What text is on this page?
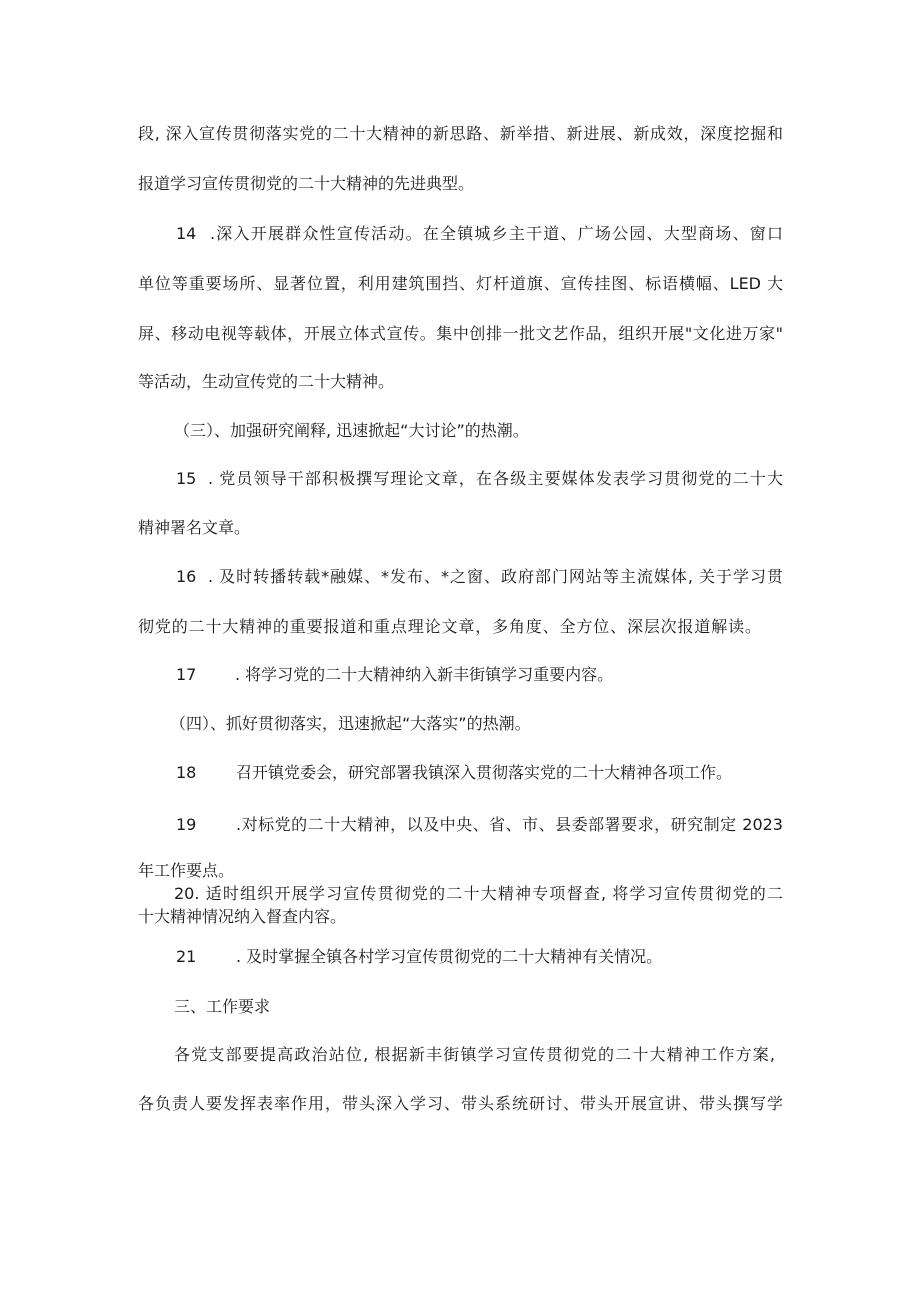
段, 深入宣传贯彻落实党的二十大精神的新思路、新举措、新进展、新成效，深度挖掘和
报道学习宣传贯彻党的二十大精神的先进典型。
14 .深入开展群众性宣传活动。在全镇城乡主干道、广场公园、大型商场、窗口
单位等重要场所、显著位置，利用建筑围挡、灯杆道旗、宣传挂图、标语横幅、LED 大
屏、移动电视等载体，开展立体式宣传。集中创排一批文艺作品，组织开展"文化进万家"
等活动，生动宣传党的二十大精神。
（三）、加强研究阐释, 迅速掀起“大讨论”的热潮。
15 . 党员领导干部积极撰写理论文章，在各级主要媒体发表学习贯彻党的二十大
精神署名文章。
16 . 及时转播转载*融媒、*发布、*之窗、政府部门网站等主流媒体, 关于学习贯
彻党的二十大精神的重要报道和重点理论文章，多角度、全方位、深层次报道解读。
17 . 将学习党的二十大精神纳入新丰街镇学习重要内容。
（四）、抓好贯彻落实，迅速掀起“大落实”的热潮。
18 召开镇党委会，研究部署我镇深入贯彻落实党的二十大精神各项工作。
19 .对标党的二十大精神，以及中央、省、市、县委部署要求，研究制定 2023
年工作要点。
20. 适时组织开展学习宣传贯彻党的二十大精神专项督查, 将学习宣传贯彻党的二
十大精神情况纳入督查内容。
21 . 及时掌握全镇各村学习宣传贯彻党的二十大精神有关情况。
三、工作要求
各党支部要提高政治站位, 根据新丰街镇学习宣传贯彻党的二十大精神工作方案,
各负责人要发挥表率作用，带头深入学习、带头系统研讨、带头开展宣讲、带头撰写学
